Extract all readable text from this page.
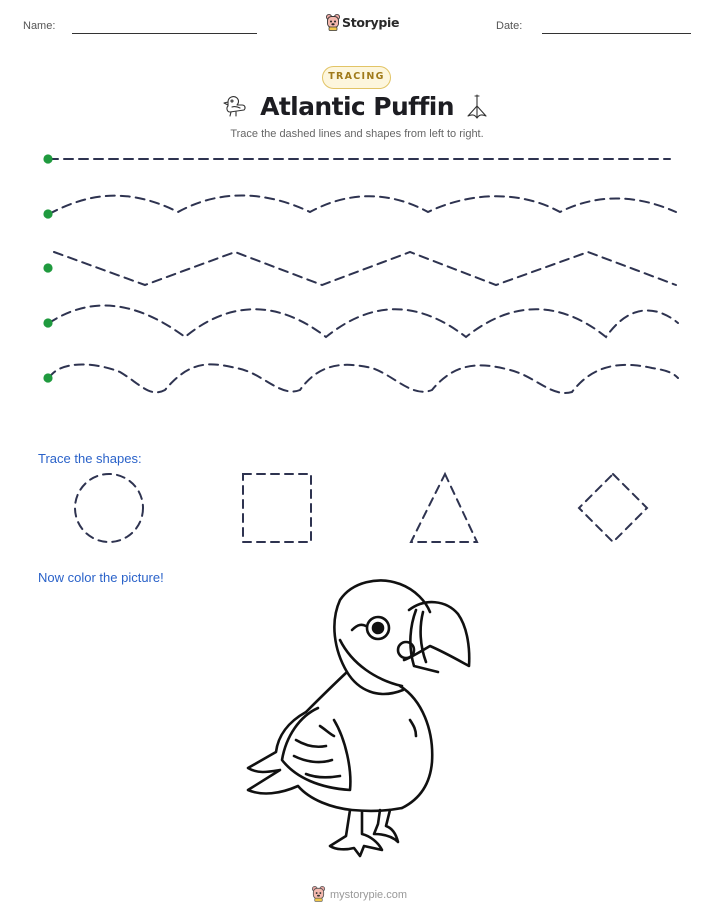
Name:	Storypie	Date:
TRACING
Atlantic Puffin
Trace the dashed lines and shapes from left to right.
Trace the shapes:
Now color the picture!
mystorypie.com
